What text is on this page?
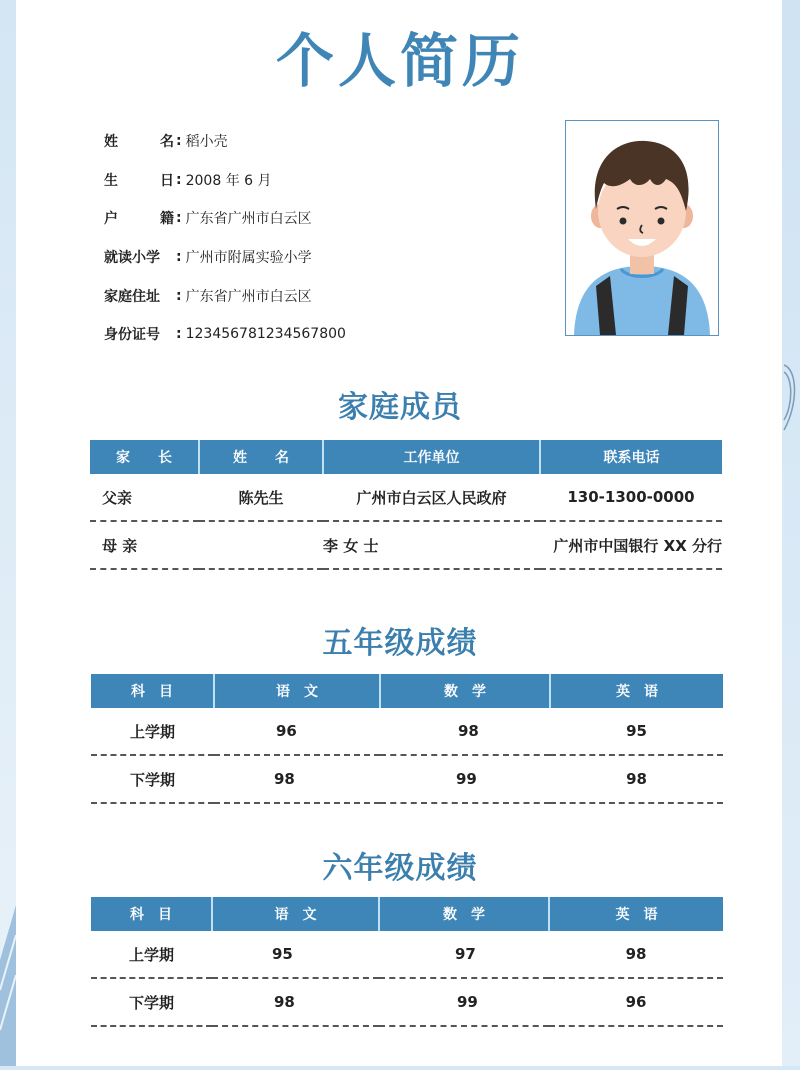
个人简历
姓	名 : 稻小壳
生	日 : 2008 年 6 月
户	籍 : 广东省广州市白云区
就读小学 : 广州市附属实验小学
家庭住址 : 广东省广州市白云区
身份证号 : 123456781234567800
家庭成员
家　　长	姓　　名	工作单位	联系电话
父亲	陈先生	广州市白云区人民政府	130-1300-0000
母 亲		李 女 士	广州市中国银行 XX 分行
五年级成绩
科　目	语　文	数　学	英　语
上学期	96	98	95
下学期	98	99	98
六年级成绩
科　目	语　文	数　学	英　语
上学期	95	97	98
下学期	98	99	96
